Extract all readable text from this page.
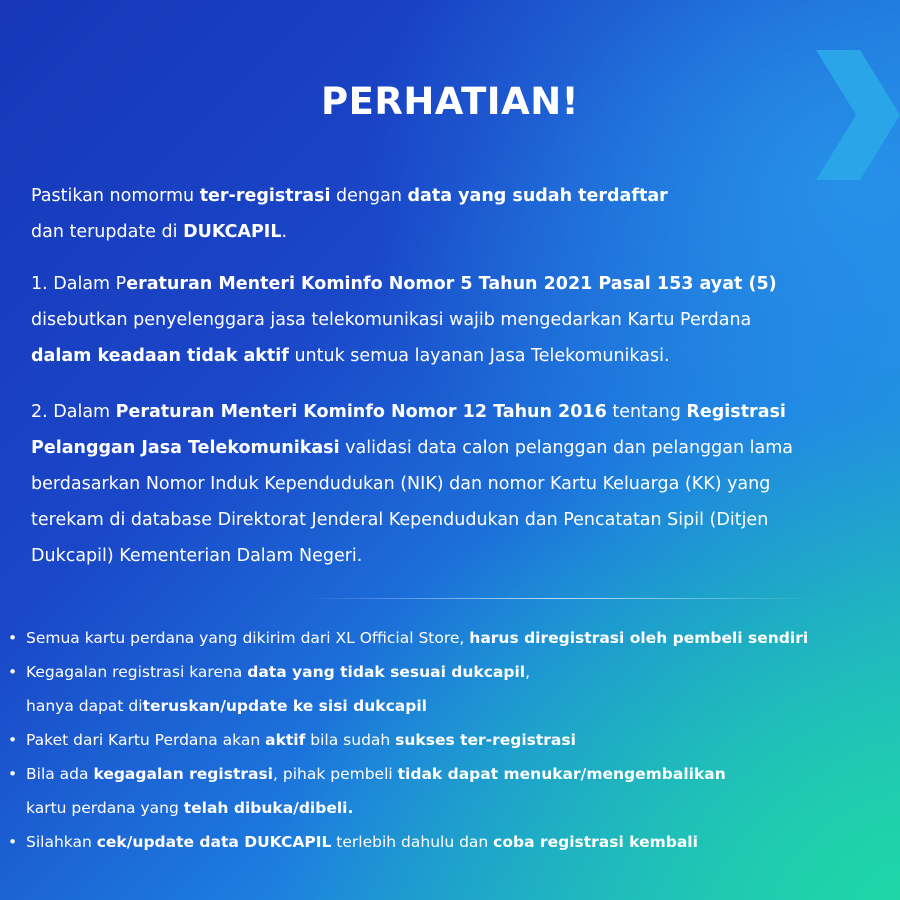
PERHATIAN!
Pastikan nomormu ter-registrasi dengan data yang sudah terdaftar
dan terupdate di DUKCAPIL.
1. Dalam Peraturan Menteri Kominfo Nomor 5 Tahun 2021 Pasal 153 ayat (5)
disebutkan penyelenggara jasa telekomunikasi wajib mengedarkan Kartu Perdana
dalam keadaan tidak aktif untuk semua layanan Jasa Telekomunikasi.
2. Dalam Peraturan Menteri Kominfo Nomor 12 Tahun 2016 tentang Registrasi
Pelanggan Jasa Telekomunikasi validasi data calon pelanggan dan pelanggan lama
berdasarkan Nomor Induk Kependudukan (NIK) dan nomor Kartu Keluarga (KK) yang
terekam di database Direktorat Jenderal Kependudukan dan Pencatatan Sipil (Ditjen
Dukcapil) Kementerian Dalam Negeri.
• Semua kartu perdana yang dikirim dari XL Official Store, harus diregistrasi oleh pembeli sendiri
• Kegagalan registrasi karena data yang tidak sesuai dukcapil,
hanya dapat diteruskan/update ke sisi dukcapil
• Paket dari Kartu Perdana akan aktif bila sudah sukses ter-registrasi
• Bila ada kegagalan registrasi, pihak pembeli tidak dapat menukar/mengembalikan
kartu perdana yang telah dibuka/dibeli.
• Silahkan cek/update data DUKCAPIL terlebih dahulu dan coba registrasi kembali
